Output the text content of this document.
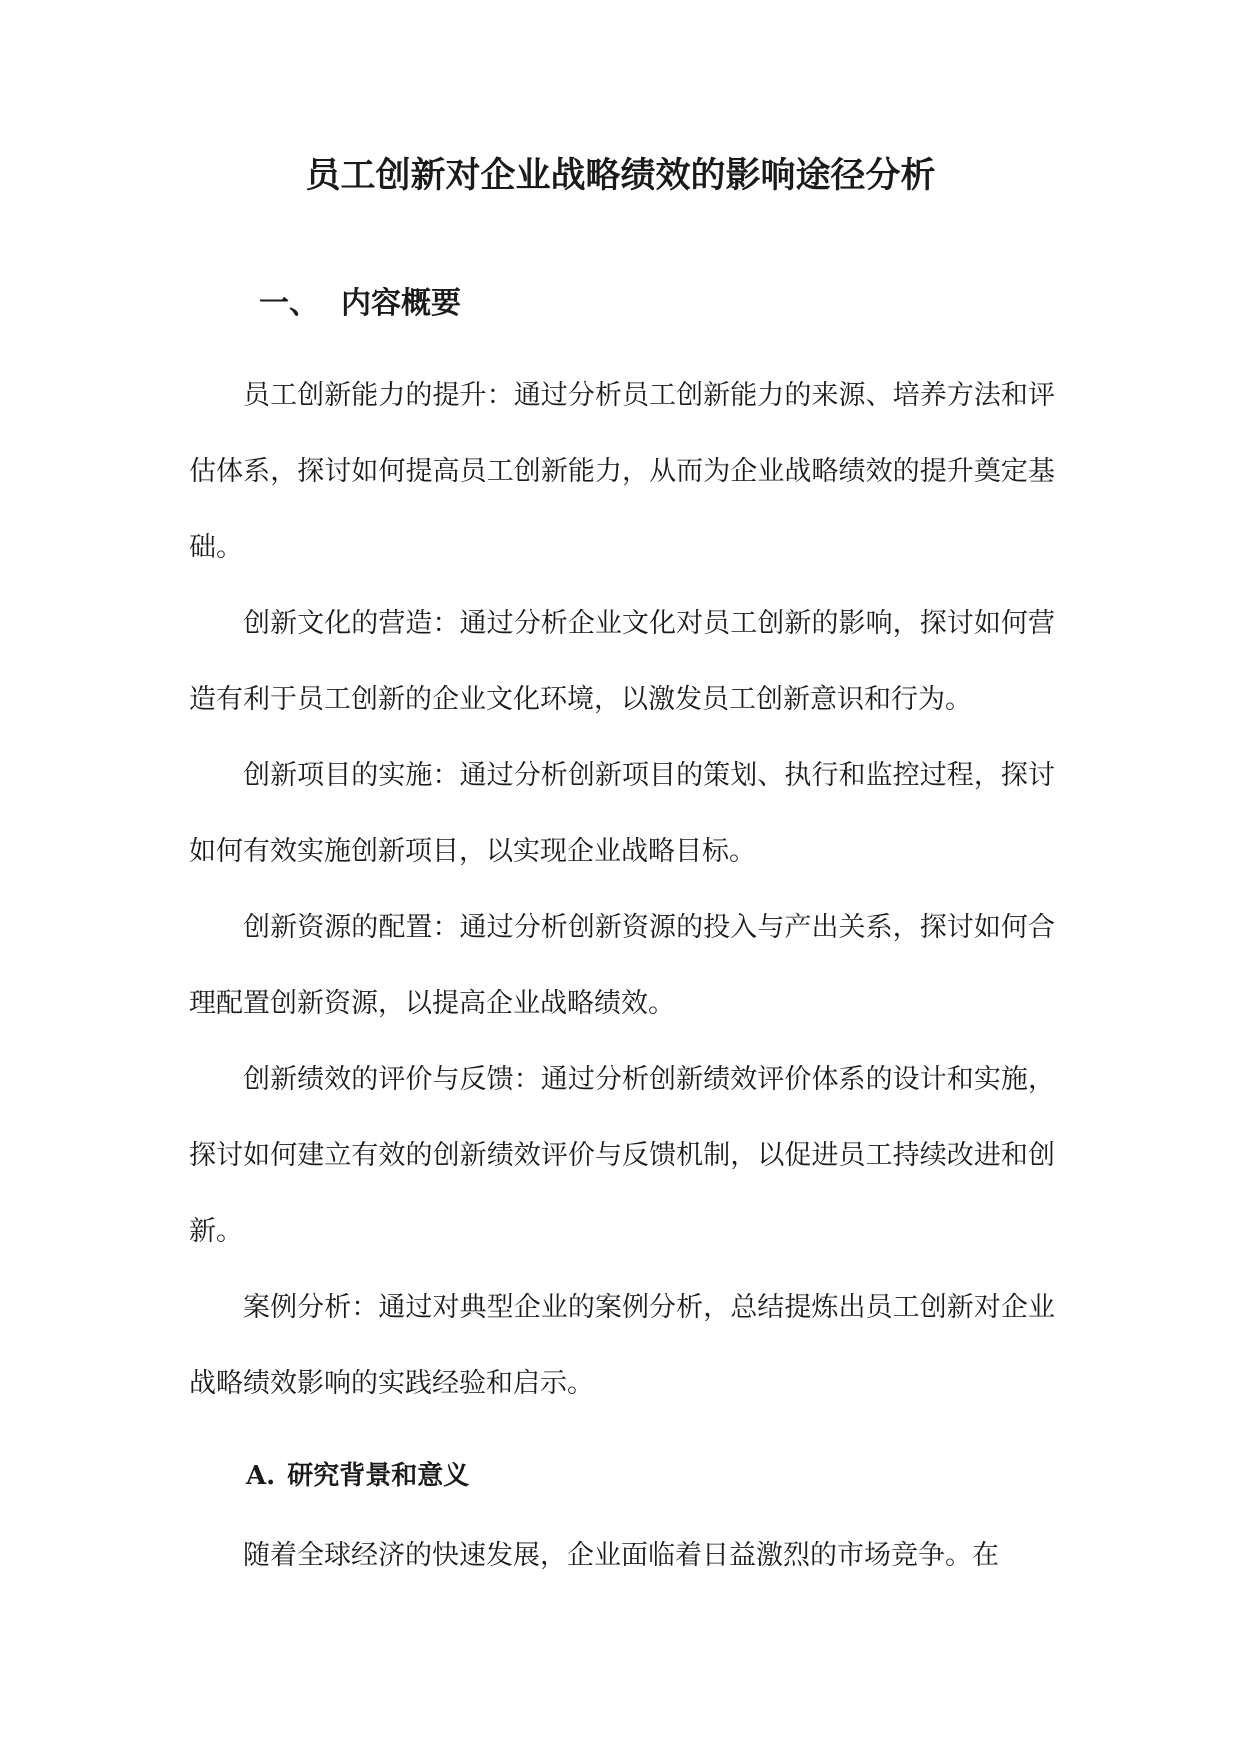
员工创新对企业战略绩效的影响途径分析
一、 内容概要

员工创新能力的提升：通过分析员工创新能力的来源、培养方法和评估体系，探讨如何提高员工创新能力，从而为企业战略绩效的提升奠定基础。

创新文化的营造：通过分析企业文化对员工创新的影响，探讨如何营造有利于员工创新的企业文化环境，以激发员工创新意识和行为。

创新项目的实施：通过分析创新项目的策划、执行和监控过程，探讨如何有效实施创新项目，以实现企业战略目标。

创新资源的配置：通过分析创新资源的投入与产出关系，探讨如何合理配置创新资源，以提高企业战略绩效。

创新绩效的评价与反馈：通过分析创新绩效评价体系的设计和实施，探讨如何建立有效的创新绩效评价与反馈机制，以促进员工持续改进和创新。

案例分析：通过对典型企业的案例分析，总结提炼出员工创新对企业战略绩效影响的实践经验和启示。

A. 研究背景和意义

随着全球经济的快速发展，企业面临着日益激烈的市场竞争。在
